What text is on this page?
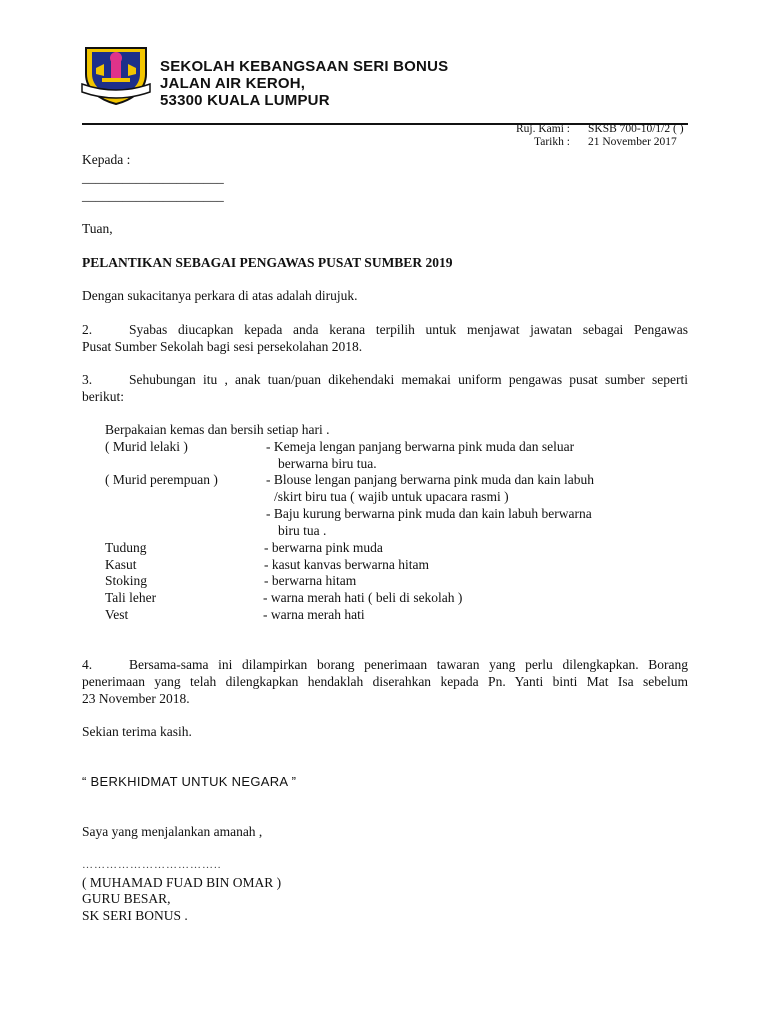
SEKOLAH KEBANGSAAN SERI BONUS
JALAN AIR KEROH,
53300 KUALA LUMPUR
Ruj. Kami : SKSB 700-10/1/2 ( )
Tarikh : 21 November 2017
Kepada :
_____________________
_____________________
Tuan,
PELANTIKAN SEBAGAI PENGAWAS PUSAT SUMBER 2019
Dengan sukacitanya perkara di atas adalah dirujuk.
2.	Syabas diucapkan kepada anda kerana terpilih untuk menjawat jawatan sebagai Pengawas
Pusat Sumber Sekolah bagi sesi persekolahan 2018.
3.	Sehubungan itu , anak tuan/puan dikehendaki memakai uniform pengawas pusat sumber seperti
berikut:
Berpakaian kemas dan bersih setiap hari .
( Murid lelaki )	- Kemeja lengan panjang berwarna pink muda dan seluar
berwarna biru tua.
( Murid perempuan )	- Blouse lengan panjang berwarna pink muda dan kain labuh
/skirt biru tua ( wajib untuk upacara rasmi )
- Baju kurung berwarna pink muda dan kain labuh berwarna
biru tua .
Tudung	- berwarna pink muda
Kasut	- kasut kanvas berwarna hitam
Stoking	- berwarna hitam
Tali leher	- warna merah hati ( beli di sekolah )
Vest	- warna merah hati
4.	Bersama-sama ini dilampirkan borang penerimaan tawaran yang perlu dilengkapkan. Borang
penerimaan yang telah dilengkapkan hendaklah diserahkan kepada Pn. Yanti binti Mat Isa sebelum
23 November 2018.
Sekian terima kasih.
“ BERKHIDMAT UNTUK NEGARA ”
Saya yang menjalankan amanah ,
……………………………..
( MUHAMAD FUAD BIN OMAR )
GURU BESAR,
SK SERI BONUS .
